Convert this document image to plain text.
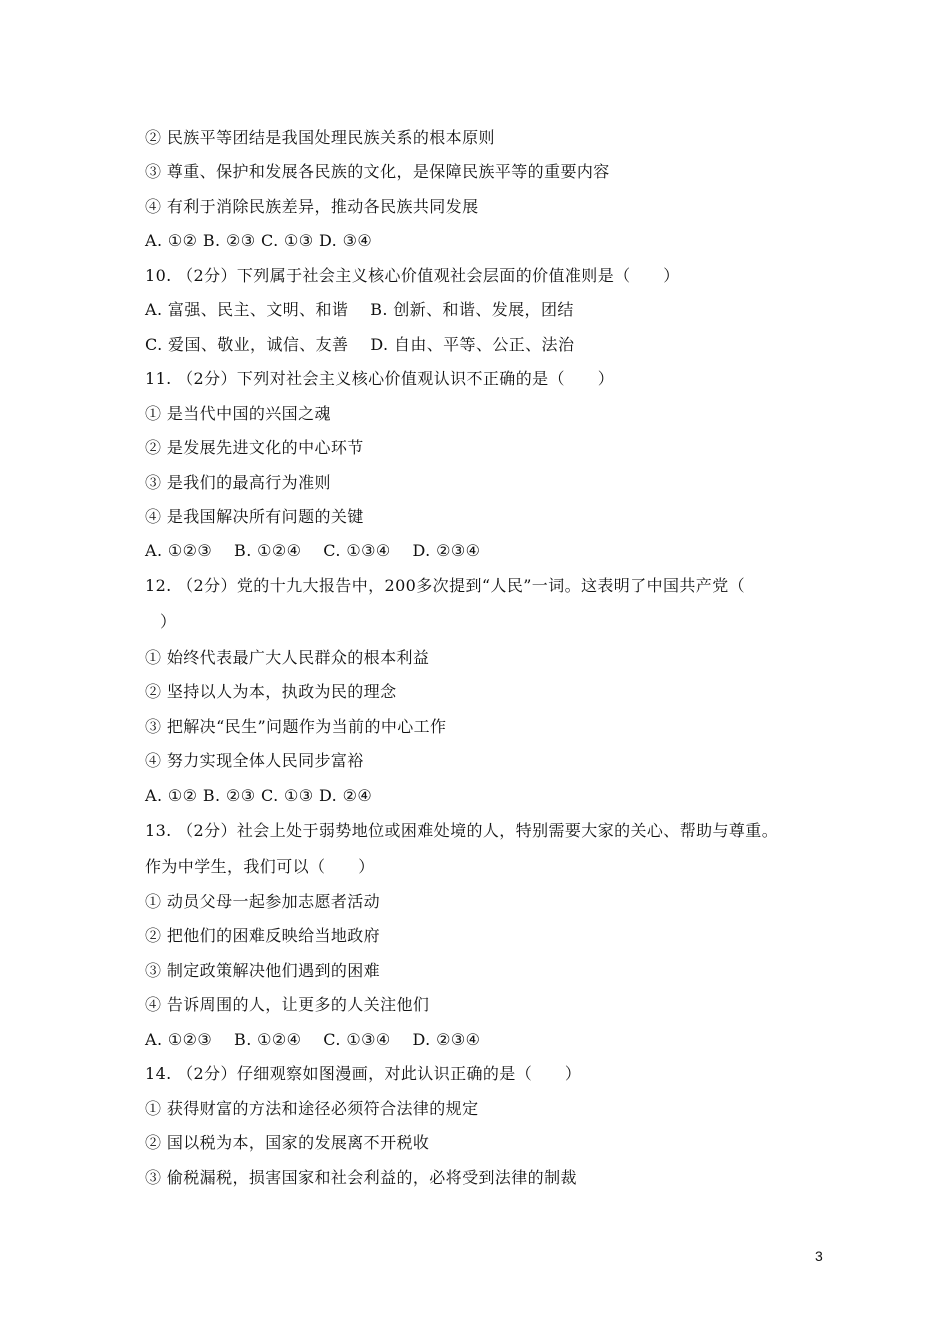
② 民族平等团结是我国处理民族关系的根本原则
③ 尊重、保护和发展各民族的文化，是保障民族平等的重要内容
④ 有利于消除民族差异，推动各民族共同发展
A. ①② B. ②③ C. ①③ D. ③④
10. （2分）下列属于社会主义核心价值观社会层面的价值准则是（　　）
A. 富强、民主、文明、和谐　 B. 创新、和谐、发展，团结
C. 爱国、敬业，诚信、友善　 D. 自由、平等、公正、法治
11. （2分）下列对社会主义核心价值观认识不正确的是（　　）
① 是当代中国的兴国之魂
② 是发展先进文化的中心环节
③ 是我们的最高行为准则
④ 是我国解决所有问题的关键
A. ①②③　 B. ①②④　 C. ①③④　 D. ②③④
12. （2分）党的十九大报告中，200多次提到“人民”一词。这表明了中国共产党（
）
① 始终代表最广大人民群众的根本利益
② 坚持以人为本，执政为民的理念
③ 把解决“民生”问题作为当前的中心工作
④ 努力实现全体人民同步富裕
A. ①② B. ②③ C. ①③ D. ②④
13. （2分）社会上处于弱势地位或困难处境的人，特别需要大家的关心、帮助与尊重。
作为中学生，我们可以（　　）
① 动员父母一起参加志愿者活动
② 把他们的困难反映给当地政府
③ 制定政策解决他们遇到的困难
④ 告诉周围的人，让更多的人关注他们
A. ①②③　 B. ①②④　 C. ①③④　 D. ②③④
14. （2分）仔细观察如图漫画，对此认识正确的是（　　）
① 获得财富的方法和途径必须符合法律的规定
② 国以税为本，国家的发展离不开税收
③ 偷税漏税，损害国家和社会利益的，必将受到法律的制裁
3
